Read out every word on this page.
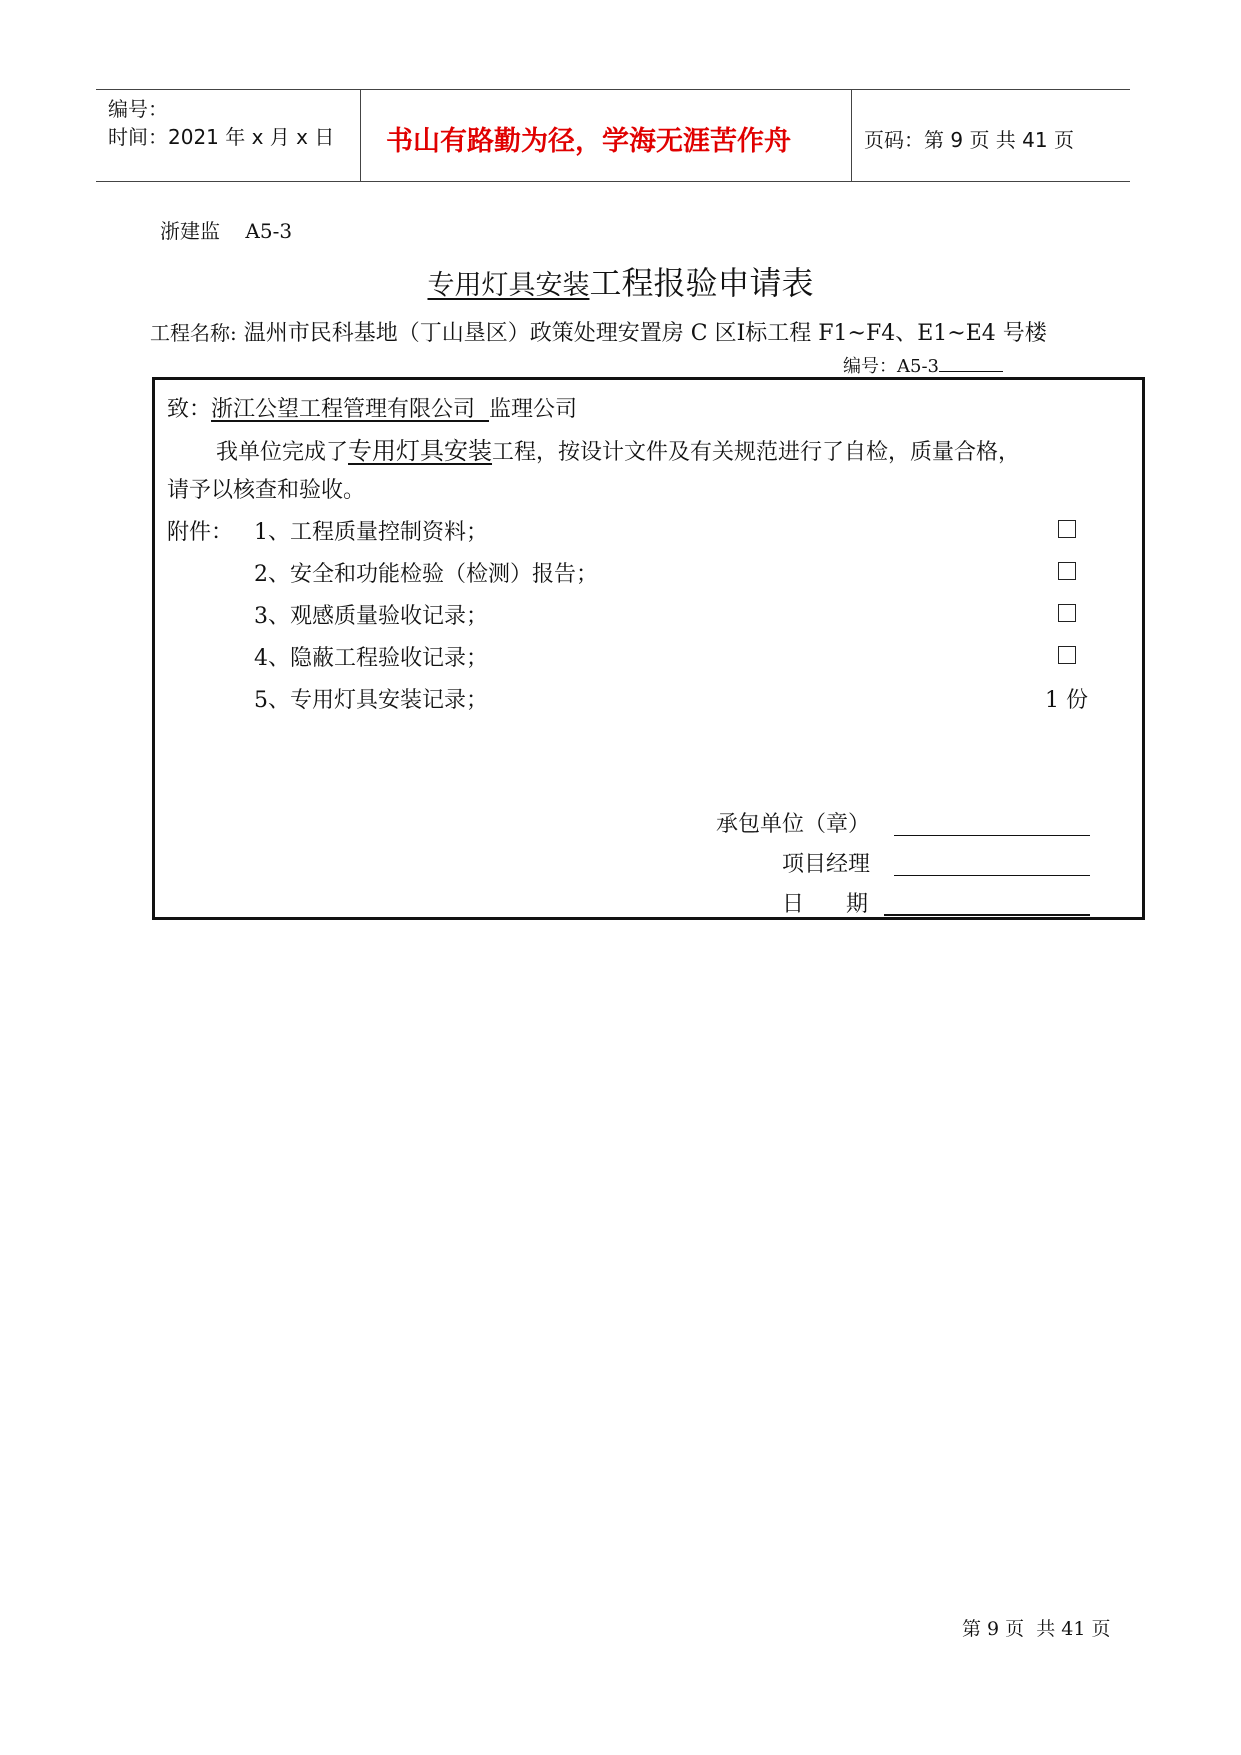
编号：
时间：2021 年 x 月 x 日 书山有路勤为径，学海无涯苦作舟	页码：第 9 页 共 41 页
浙建监    A5-3
专用灯具安装工程报验申请表
工程名称: 温州市民科基地（丁山垦区）政策处理安置房 C 区Ⅰ标工程 F1~F4、E1~E4 号楼
编号：A5-3
致：浙江公望工程管理有限公司  监理公司
我单位完成了专用灯具安装工程，按设计文件及有关规范进行了自检，质量合格，
请予以核查和验收。
附件： 1、工程质量控制资料；
2、安全和功能检验（检测）报告；
3、观感质量验收记录；
4、隐蔽工程验收记录；
5、专用灯具安装记录；	1 份
承包单位（章）
项目经理
日      期
第 9 页  共 41 页
